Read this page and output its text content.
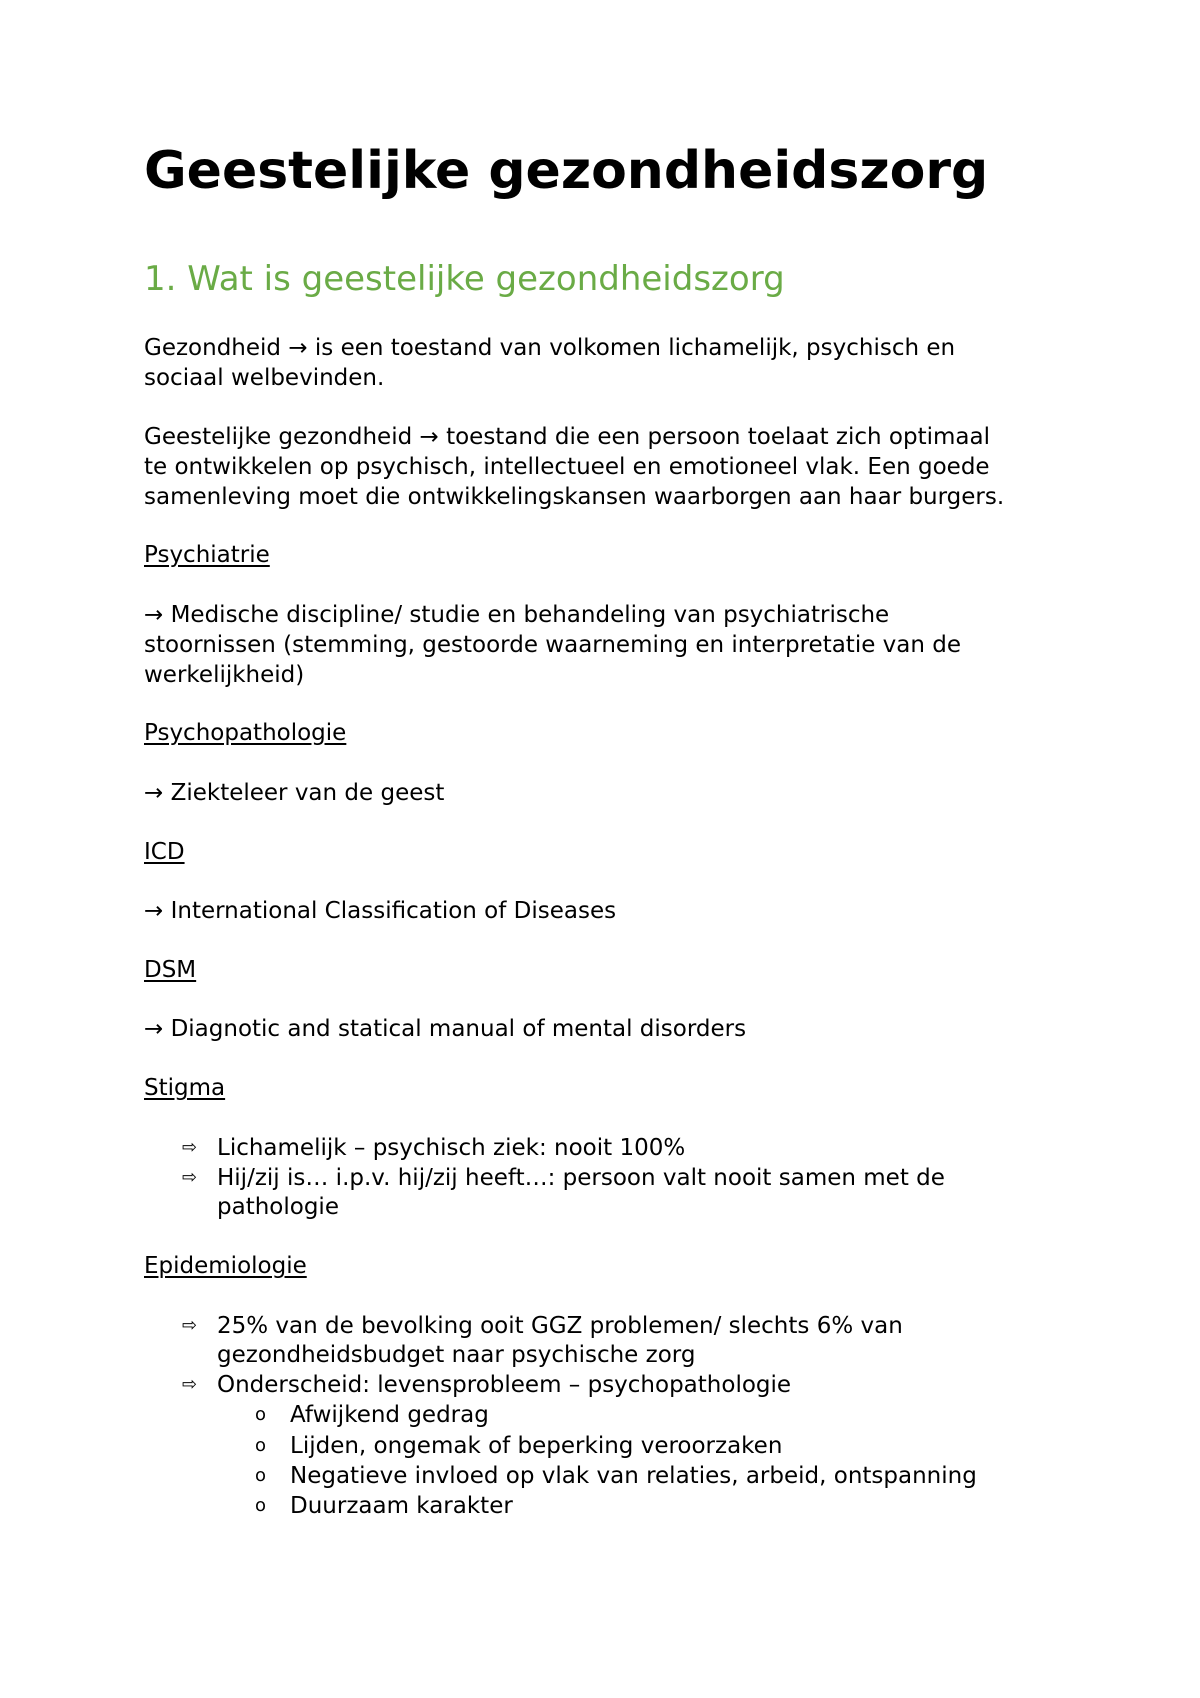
Geestelijke gezondheidszorg
1. Wat is geestelijke gezondheidszorg

Gezondheid → is een toestand van volkomen lichamelijk, psychisch en

sociaal welbevinden.

Geestelijke gezondheid → toestand die een persoon toelaat zich optimaal

te ontwikkelen op psychisch, intellectueel en emotioneel vlak. Een goede

samenleving moet die ontwikkelingskansen waarborgen aan haar burgers.

Psychiatrie

→ Medische discipline/ studie en behandeling van psychiatrische

stoornissen (stemming, gestoorde waarneming en interpretatie van de

werkelijkheid)

Psychopathologie

→ Ziekteleer van de geest

ICD

→ International Classification of Diseases

DSM

→ Diagnotic and statical manual of mental disorders

Stigma

⇨ Lichamelijk – psychisch ziek: nooit 100%

⇨ Hij/zij is… i.p.v. hij/zij heeft…: persoon valt nooit samen met de

pathologie

Epidemiologie

⇨ 25% van de bevolking ooit GGZ problemen/ slechts 6% van

gezondheidsbudget naar psychische zorg

⇨ Onderscheid: levensprobleem – psychopathologie

o Afwijkend gedrag

o Lijden, ongemak of beperking veroorzaken

o Negatieve invloed op vlak van relaties, arbeid, ontspanning

o Duurzaam karakter
